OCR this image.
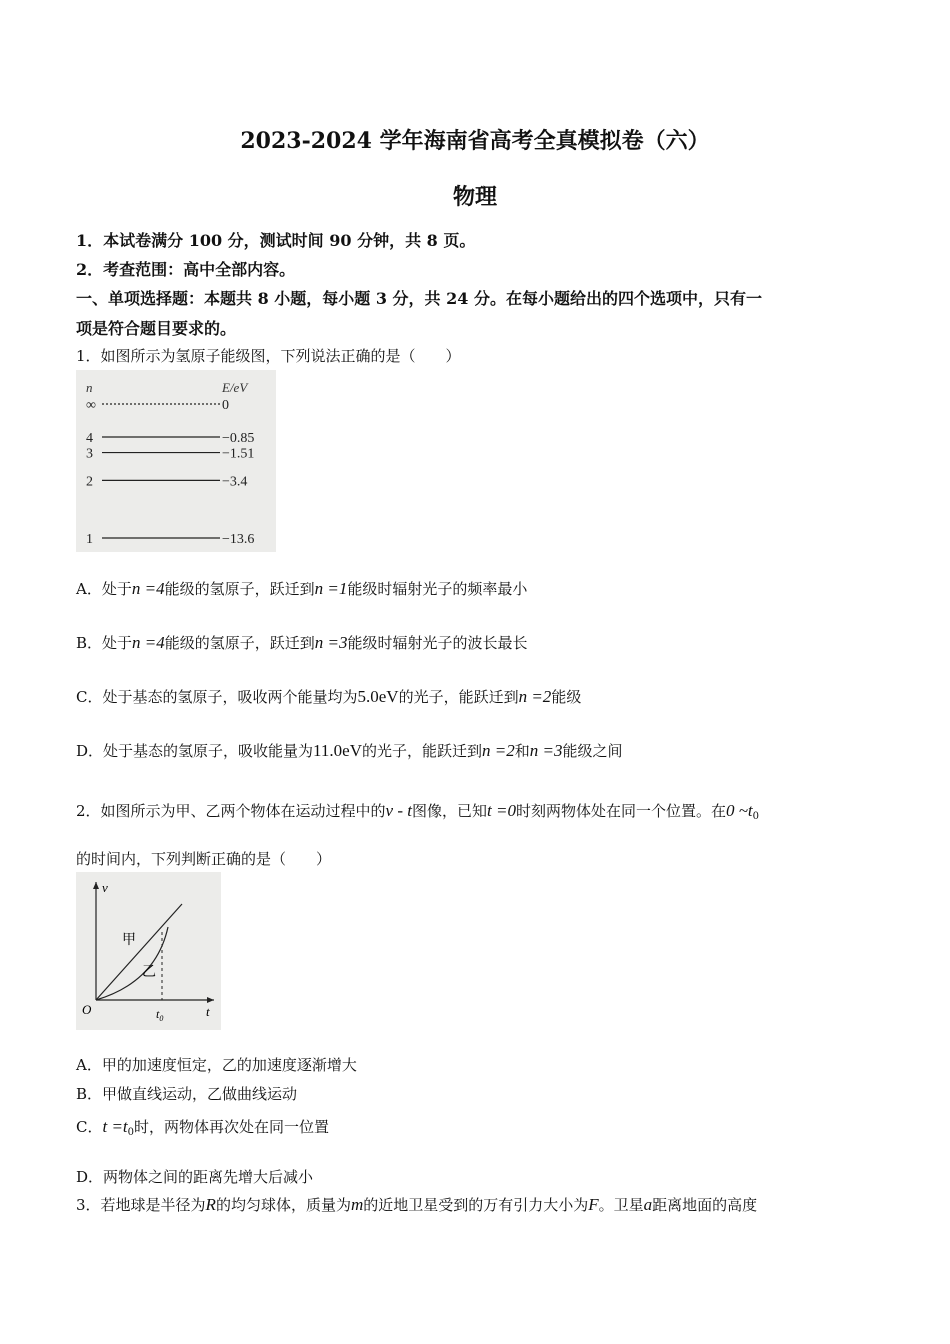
2023-2024 学年海南省高考全真模拟卷（六）
物理
1．本试卷满分 100 分，测试时间 90 分钟，共 8 页。
2．考查范围：高中全部内容。
一、单项选择题：本题共 8 小题，每小题 3 分，共 24 分。在每小题给出的四个选项中，只有一
项是符合题目要求的。
1．如图所示为氢原子能级图，下列说法正确的是（　　）
n	E/eV
∞	0
4	−0.85
3	−1.51
2	−3.4
1	−13.6
A．处于n =4能级的氢原子，跃迁到n =1能级时辐射光子的频率最小
B．处于n =4能级的氢原子，跃迁到n =3能级时辐射光子的波长最长
C．处于基态的氢原子，吸收两个能量均为5.0eV的光子，能跃迁到n =2能级
D．处于基态的氢原子，吸收能量为11.0eV的光子，能跃迁到n =2和n =3能级之间
2．如图所示为甲、乙两个物体在运动过程中的v - t图像，已知t =0时刻两物体处在同一个位置。在0 $\sim t_0$
的时间内，下列判断正确的是（　　）
v
t
O	$t_0$
甲
乙
A．甲的加速度恒定，乙的加速度逐渐增大
B．甲做直线运动，乙做曲线运动
C．$t =t_0$时，两物体再次处在同一位置
D．两物体之间的距离先增大后减小
3．若地球是半径为R的均匀球体，质量为m的近地卫星受到的万有引力大小为F。卫星a距离地面的高度
